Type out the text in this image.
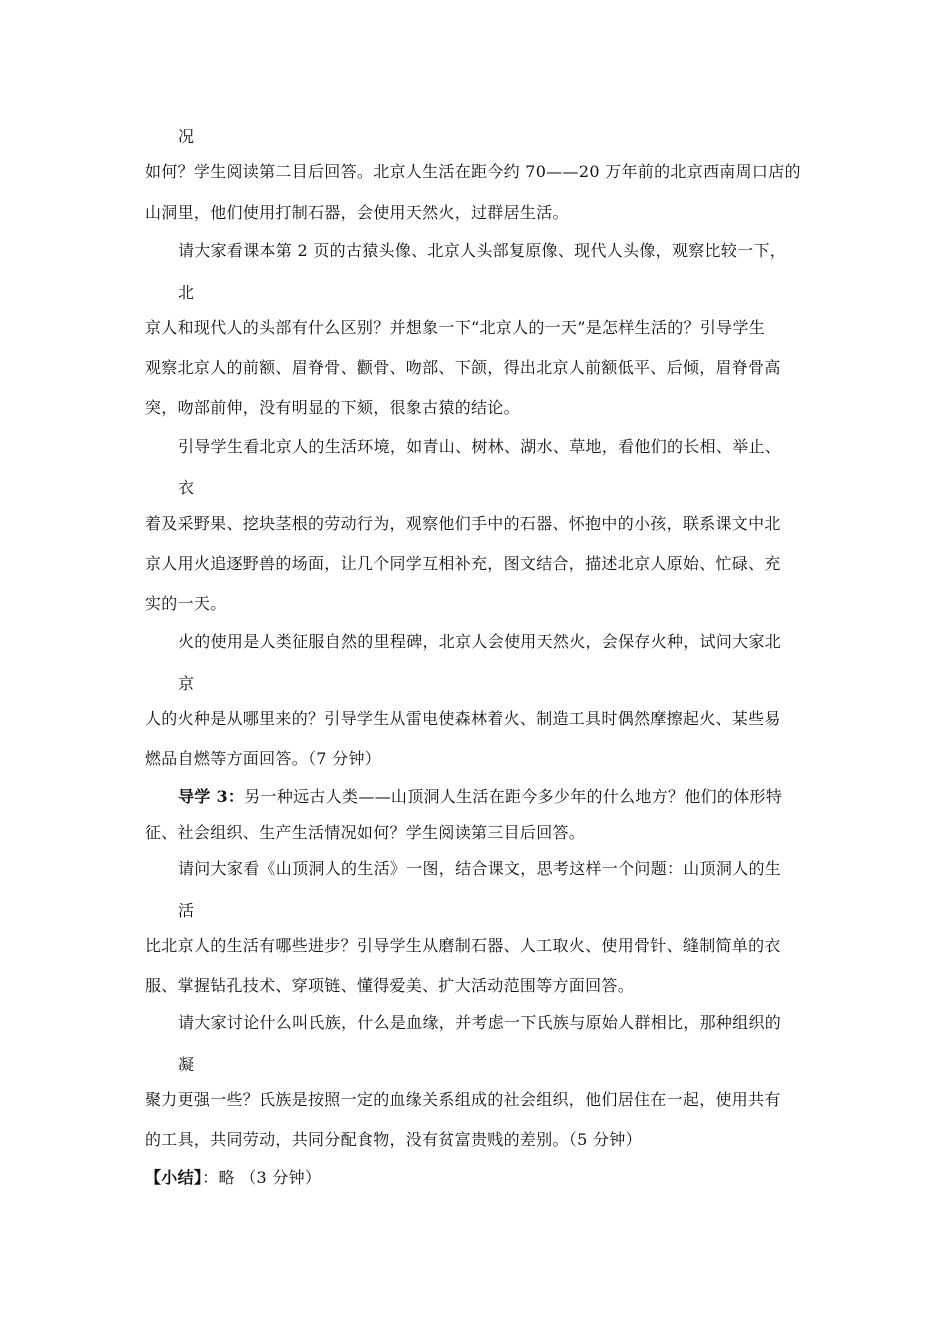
况
如何？学生阅读第二目后回答。北京人生活在距今约 70——20 万年前的北京西南周口店的
山洞里，他们使用打制石器，会使用天然火，过群居生活。
请大家看课本第 2 页的古猿头像、北京人头部复原像、现代人头像，观察比较一下，
北
京人和现代人的头部有什么区别？并想象一下“北京人的一天”是怎样生活的？引导学生
观察北京人的前额、眉脊骨、颧骨、吻部、下颌，得出北京人前额低平、后倾，眉脊骨高
突，吻部前伸，没有明显的下颏，很象古猿的结论。
引导学生看北京人的生活环境，如青山、树林、湖水、草地，看他们的长相、举止、
衣
着及采野果、挖块茎根的劳动行为，观察他们手中的石器、怀抱中的小孩，联系课文中北
京人用火追逐野兽的场面，让几个同学互相补充，图文结合，描述北京人原始、忙碌、充
实的一天。
火的使用是人类征服自然的里程碑，北京人会使用天然火，会保存火种，试问大家北
京
人的火种是从哪里来的？引导学生从雷电使森林着火、制造工具时偶然摩擦起火、某些易
燃品自燃等方面回答。（7 分钟）
导学 3：另一种远古人类——山顶洞人生活在距今多少年的什么地方？他们的体形特
征、社会组织、生产生活情况如何？学生阅读第三目后回答。
请问大家看《山顶洞人的生活》一图，结合课文，思考这样一个问题：山顶洞人的生
活
比北京人的生活有哪些进步？引导学生从磨制石器、人工取火、使用骨针、缝制简单的衣
服、掌握钻孔技术、穿项链、懂得爱美、扩大活动范围等方面回答。
请大家讨论什么叫氏族，什么是血缘，并考虑一下氏族与原始人群相比，那种组织的
凝
聚力更强一些？氏族是按照一定的血缘关系组成的社会组织，他们居住在一起，使用共有
的工具，共同劳动，共同分配食物，没有贫富贵贱的差别。（5 分钟）
【小结】：略 （3 分钟）
